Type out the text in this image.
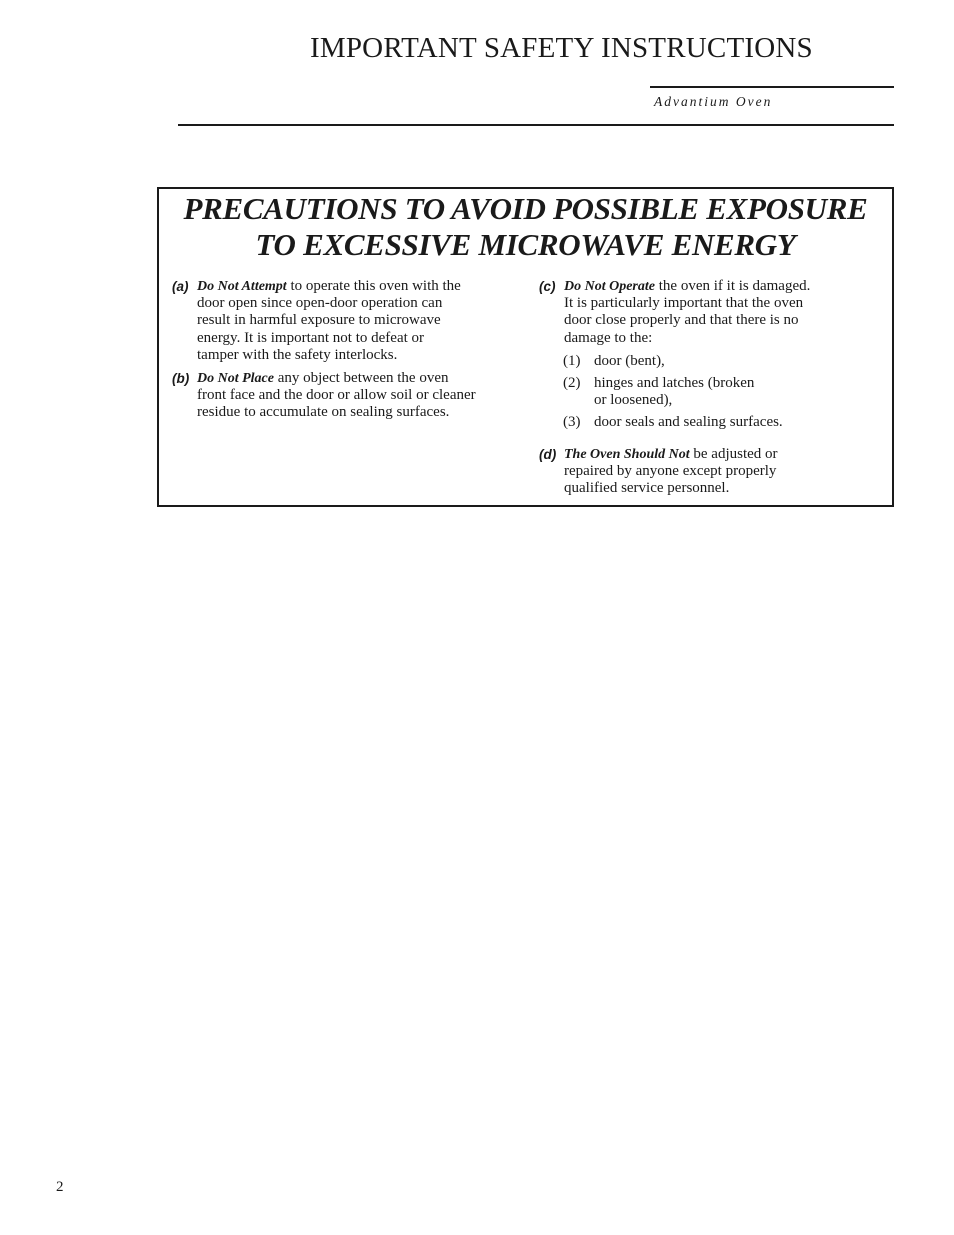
IMPORTANT SAFETY INSTRUCTIONS
Advantium Oven
PRECAUTIONS TO AVOID POSSIBLE EXPOSURE
TO EXCESSIVE MICROWAVE ENERGY
(a) Do Not Attempt to operate this oven with the
door open since open-door operation can
result in harmful exposure to microwave
energy. It is important not to defeat or
tamper with the safety interlocks.
(b) Do Not Place any object between the oven
front face and the door or allow soil or cleaner
residue to accumulate on sealing surfaces.
(c) Do Not Operate the oven if it is damaged.
It is particularly important that the oven
door close properly and that there is no
damage to the:
(1) door (bent),
(2) hinges and latches (broken
or loosened),
(3) door seals and sealing surfaces.
(d) The Oven Should Not be adjusted or
repaired by anyone except properly
qualified service personnel.
2
